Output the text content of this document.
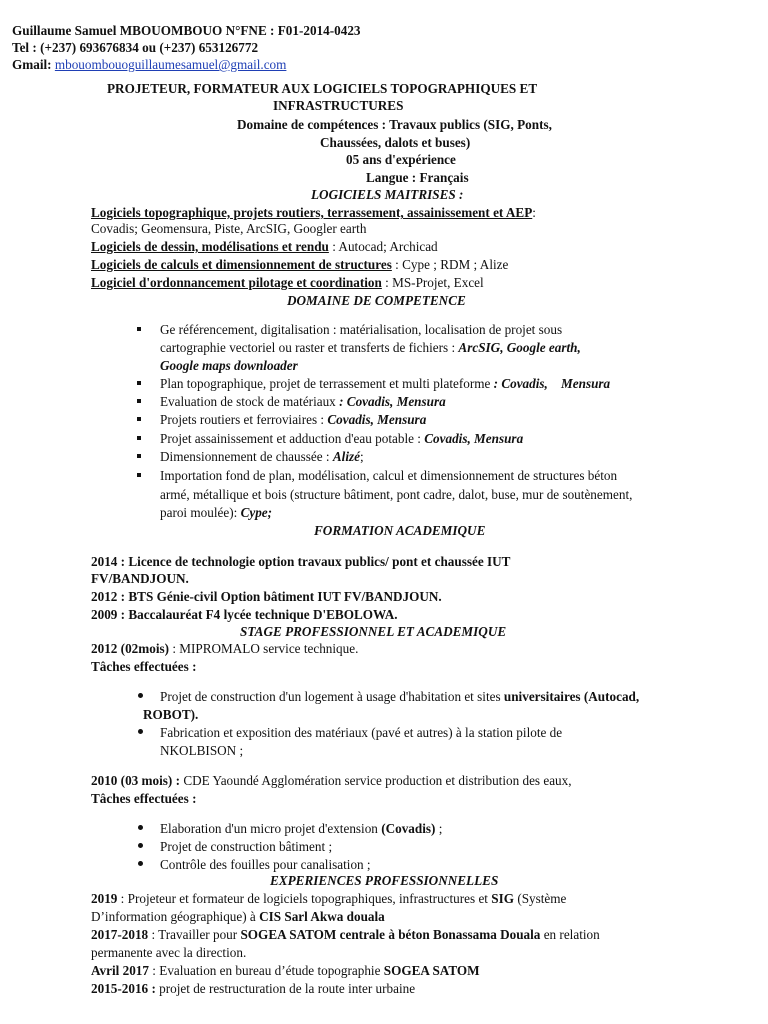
Guillaume Samuel MBOUOMBOUO N°FNE : F01-2014-0423
Tel : (+237) 693676834 ou (+237) 653126772
Gmail: mbouombouoguillaumesamuel@gmail.com
PROJETEUR, FORMATEUR AUX LOGICIELS TOPOGRAPHIQUES ET
INFRASTRUCTURES
Domaine de compétences : Travaux publics (SIG, Ponts,
Chaussées, dalots et buses)
05 ans d'expérience
Langue : Français
LOGICIELS MAITRISES :
Logiciels topographique, projets routiers, terrassement, assainissement et AEP:
Covadis; Geomensura, Piste, ArcSIG, Googler earth
Logiciels de dessin, modélisations et rendu : Autocad; Archicad
Logiciels de calculs et dimensionnement de structures : Cype ; RDM ; Alize
Logiciel d'ordonnancement pilotage et coordination : MS-Projet, Excel
DOMAINE DE COMPETENCE
Ge référencement, digitalisation : matérialisation, localisation de projet sous
cartographie vectoriel ou raster et transferts de fichiers : ArcSIG, Google earth,
Google maps downloader
Plan topographique, projet de terrassement et multi plateforme : Covadis,    Mensura
Evaluation de stock de matériaux : Covadis, Mensura
Projets routiers et ferroviaires : Covadis, Mensura
Projet assainissement et adduction d'eau potable : Covadis, Mensura
Dimensionnement de chaussée : Alizé;
Importation fond de plan, modélisation, calcul et dimensionnement de structures béton
armé, métallique et bois (structure bâtiment, pont cadre, dalot, buse, mur de soutènement,
paroi moulée): Cype;
FORMATION ACADEMIQUE
2014 : Licence de technologie option travaux publics/ pont et chaussée IUT
FV/BANDJOUN.
2012 : BTS Génie-civil Option bâtiment IUT FV/BANDJOUN.
2009 : Baccalauréat F4 lycée technique D'EBOLOWA.
STAGE PROFESSIONNEL ET ACADEMIQUE
2012 (02mois) : MIPROMALO service technique.
Tâches effectuées :
Projet de construction d'un logement à usage d'habitation et sites universitaires (Autocad,
ROBOT).
Fabrication et exposition des matériaux (pavé et autres) à la station pilote de
NKOLBISON ;
2010 (03 mois) : CDE Yaoundé Agglomération service production et distribution des eaux,
Tâches effectuées :
Elaboration d'un micro projet d'extension (Covadis) ;
Projet de construction bâtiment ;
Contrôle des fouilles pour canalisation ;
EXPERIENCES PROFESSIONNELLES
2019 : Projeteur et formateur de logiciels topographiques, infrastructures et SIG (Système
D’information géographique) à CIS Sarl Akwa douala
2017-2018 : Travailler pour SOGEA SATOM centrale à béton Bonassama Douala en relation
permanente avec la direction.
Avril 2017 : Evaluation en bureau d’étude topographie SOGEA SATOM
2015-2016 : projet de restructuration de la route inter urbaine
